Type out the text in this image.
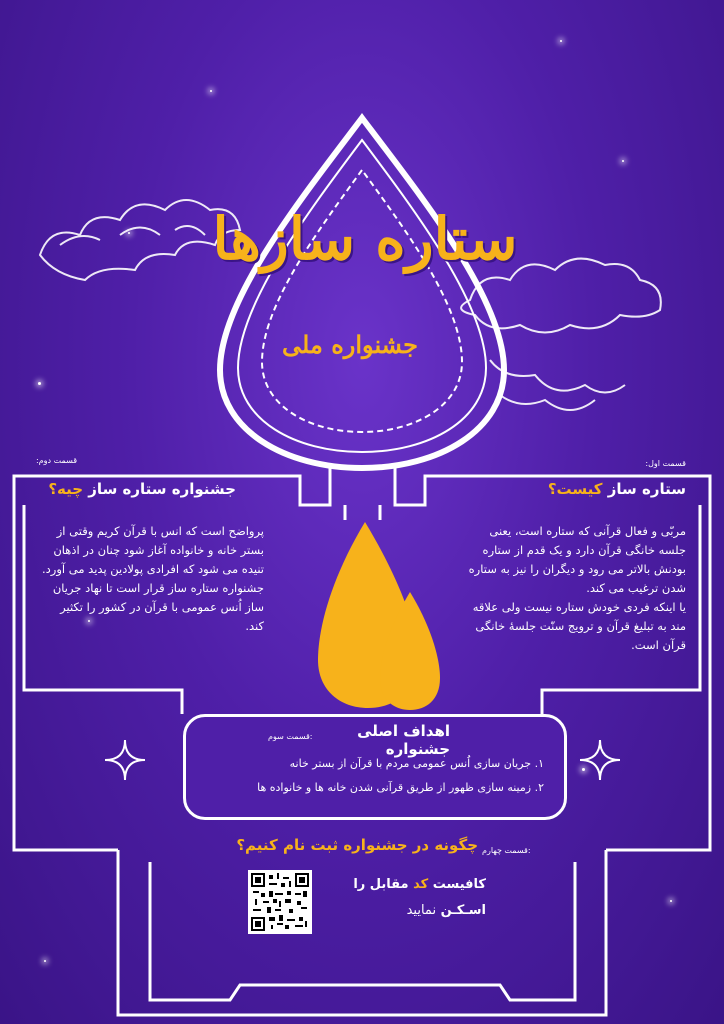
ستاره سازها
جشنواره ملی
قسمت اول:
ستاره ساز کیست؟
مربّی و فعال قرآنی که ستاره است، یعنی جلسه خانگی قرآن دارد و یک قدم از ستاره بودنش بالاتر می رود و دیگران را نیز به ستاره شدن ترغیب می کند.
یا اینکه فردی خودش ستاره نیست ولی علاقه مند به تبلیغ قرآن و ترویج سنّت جلسۀ خانگی قرآن است.
قسمت دوم:
جشنواره ستاره ساز چیه؟
پرواضح است که انس با قرآن کریم وقتی از بستر خانه و خانواده آغاز شود چنان در اذهان تنیده می شود که افرادی پولادین پدید می آورد. جشنواره ستاره ساز قرار است تا نهاد جریان ساز اُنس عمومی با قرآن در کشور را تکثیر کند.
قسمت سوم:	اهداف اصلی جشنواره
۱. جریان سازی اُنس عمومی مردم با قرآن از بستر خانه
۲. زمینه سازی ظهور از طریق قرآنی شدن خانه ها و خانواده ها
قسمت چهارم:
چگونه در جشنواره ثبت نام کنیم؟
کافیست کد مقابل را
اسـکـن نمایید
